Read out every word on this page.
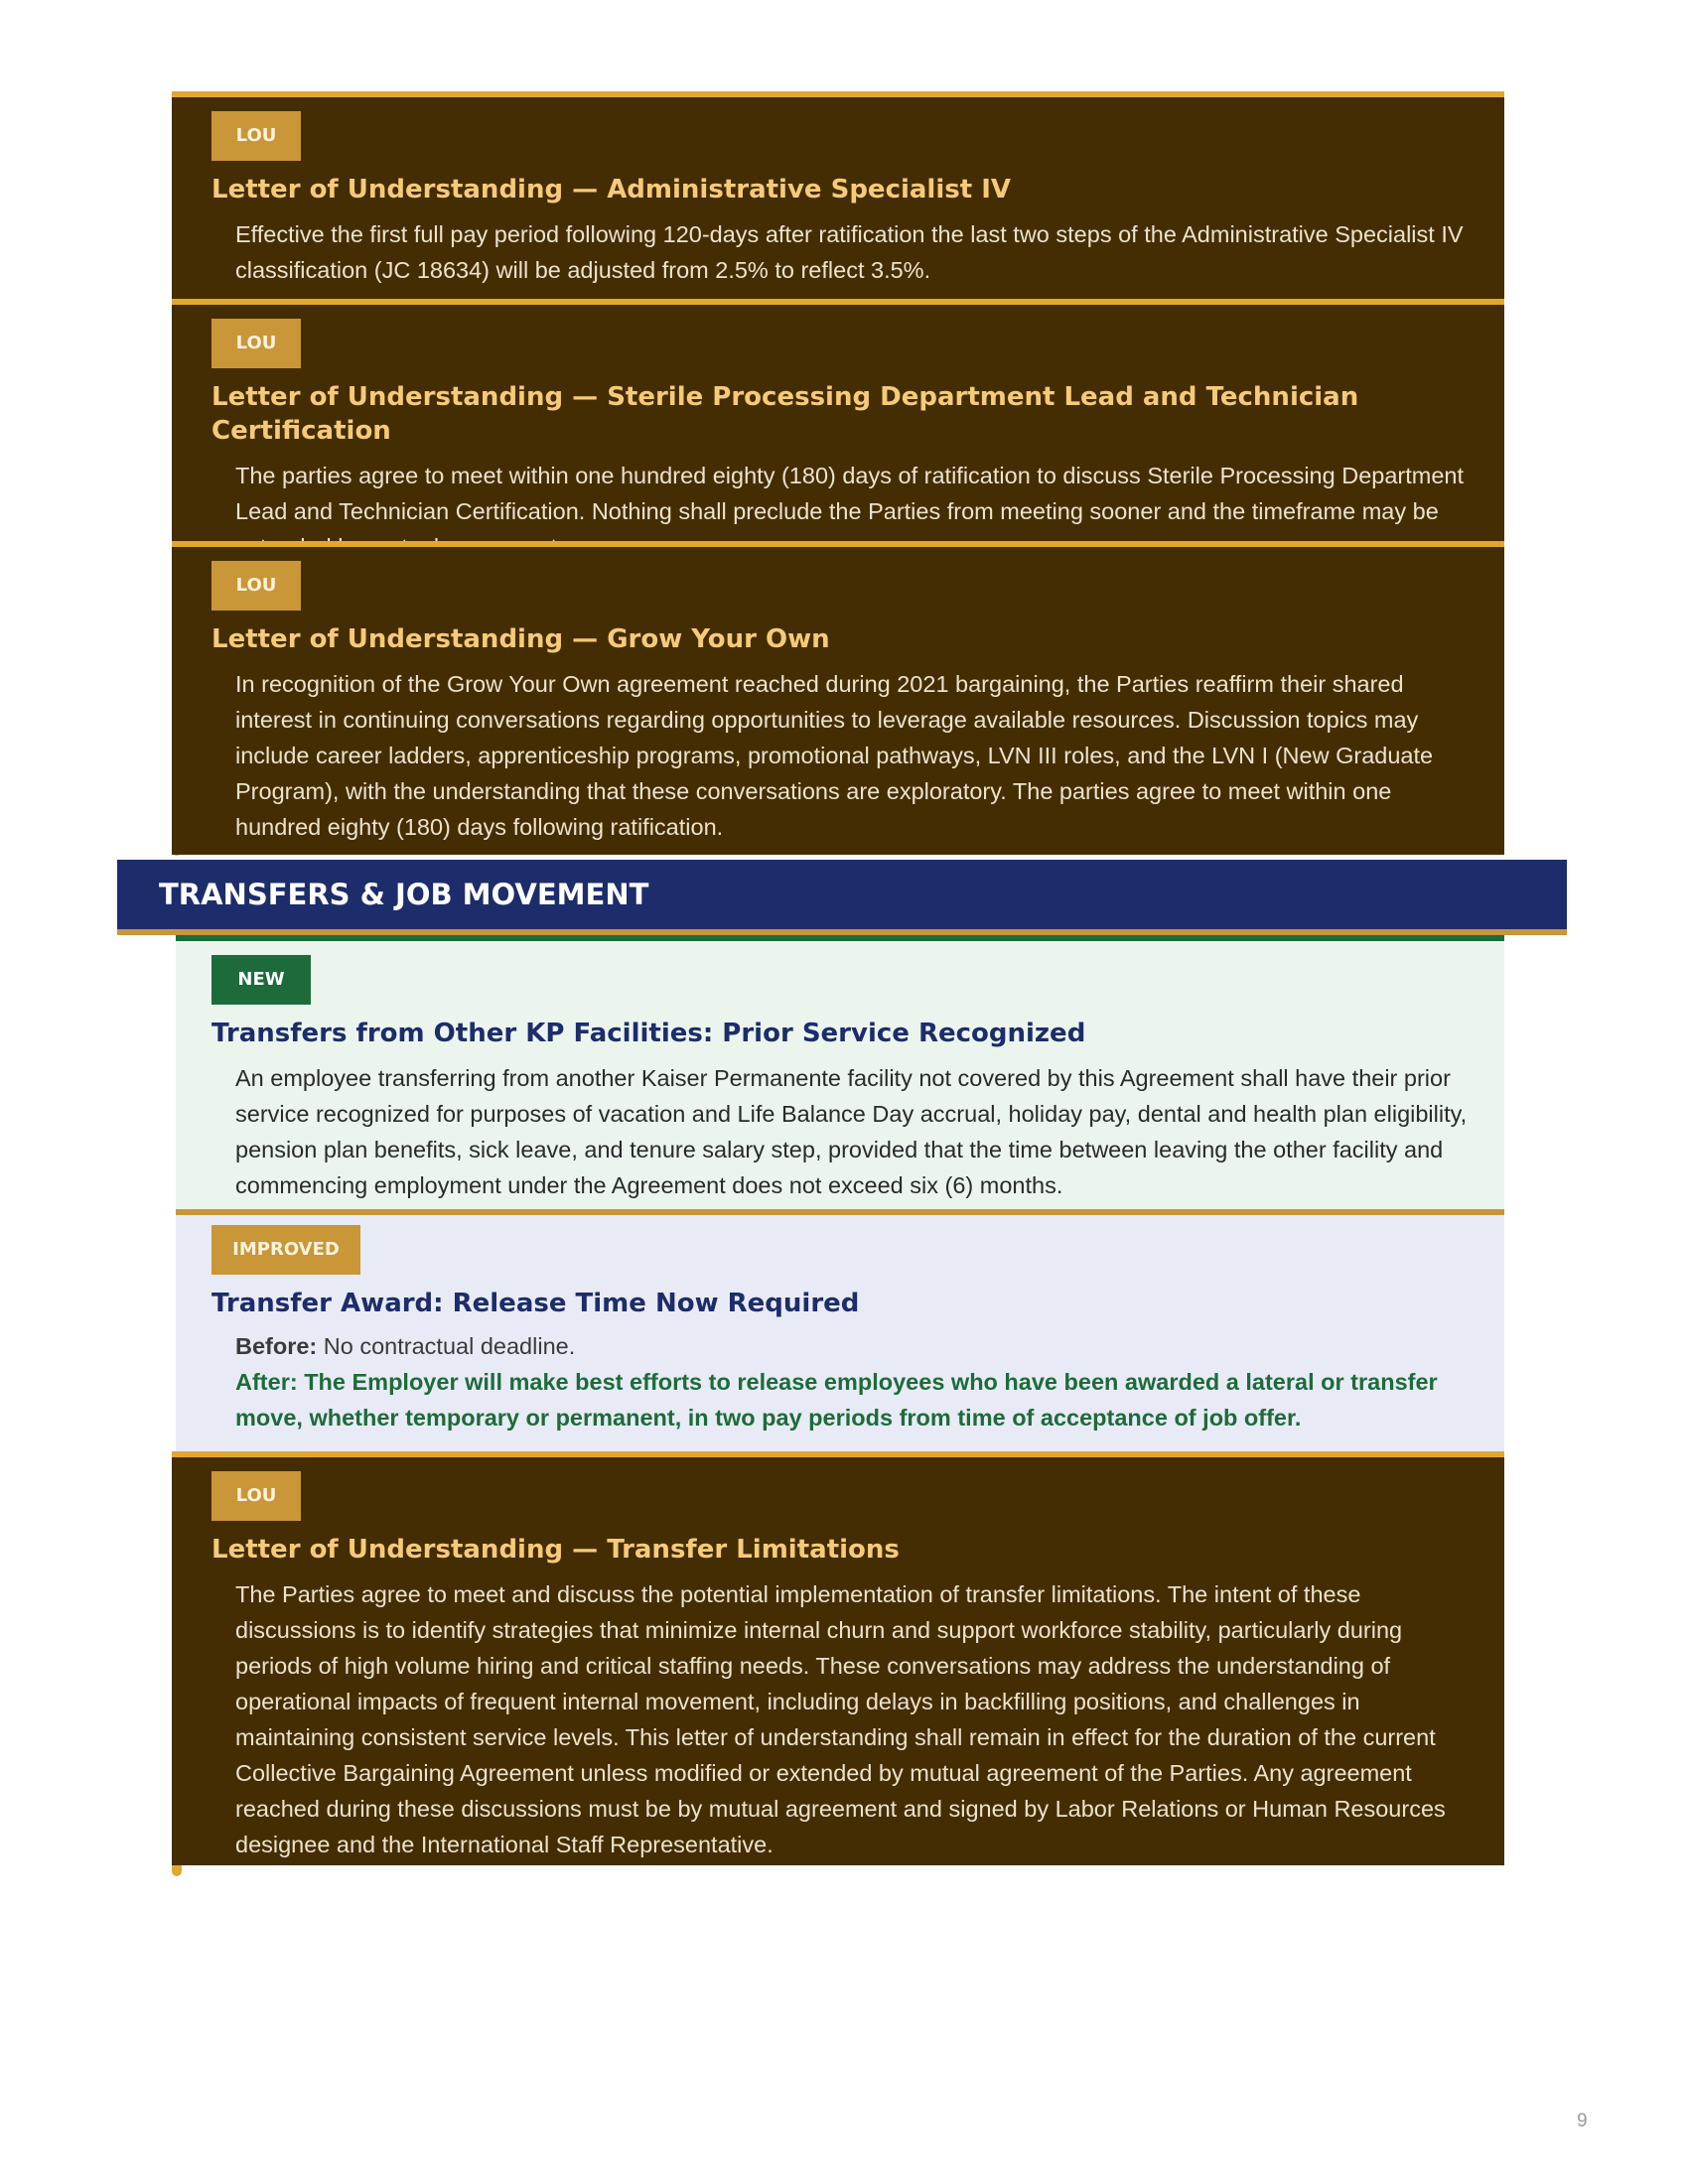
LOU
Letter of Understanding — Administrative Specialist IV
Effective the first full pay period following 120-days after ratification the last two steps of the Administrative Specialist IV classification (JC 18634) will be adjusted from 2.5% to reflect 3.5%.
LOU
Letter of Understanding — Sterile Processing Department Lead and Technician Certification
The parties agree to meet within one hundred eighty (180) days of ratification to discuss Sterile Processing Department Lead and Technician Certification. Nothing shall preclude the Parties from meeting sooner and the timeframe may be
LOU
Letter of Understanding — Grow Your Own
In recognition of the Grow Your Own agreement reached during 2021 bargaining, the Parties reaffirm their shared interest in continuing conversations regarding opportunities to leverage available resources. Discussion topics may include career ladders, apprenticeship programs, promotional pathways, LVN III roles, and the LVN I (New Graduate Program), with the understanding that these conversations are exploratory. The parties agree to meet within one hundred eighty (180) days following ratification.
TRANSFERS & JOB MOVEMENT
NEW
Transfers from Other KP Facilities: Prior Service Recognized
An employee transferring from another Kaiser Permanente facility not covered by this Agreement shall have their prior service recognized for purposes of vacation and Life Balance Day accrual, holiday pay, dental and health plan eligibility, pension plan benefits, sick leave, and tenure salary step, provided that the time between leaving the other facility and commencing employment under the Agreement does not exceed six (6) months.
IMPROVED
Transfer Award: Release Time Now Required
Before: No contractual deadline.
After: The Employer will make best efforts to release employees who have been awarded a lateral or transfer move, whether temporary or permanent, in two pay periods from time of acceptance of job offer.
LOU
Letter of Understanding — Transfer Limitations
The Parties agree to meet and discuss the potential implementation of transfer limitations. The intent of these discussions is to identify strategies that minimize internal churn and support workforce stability, particularly during periods of high volume hiring and critical staffing needs. These conversations may address the understanding of operational impacts of frequent internal movement, including delays in backfilling positions, and challenges in maintaining consistent service levels. This letter of understanding shall remain in effect for the duration of the current Collective Bargaining Agreement unless modified or extended by mutual agreement of the Parties. Any agreement reached during these discussions must be by mutual agreement and signed by Labor Relations or Human Resources designee and the International Staff Representative.
9
